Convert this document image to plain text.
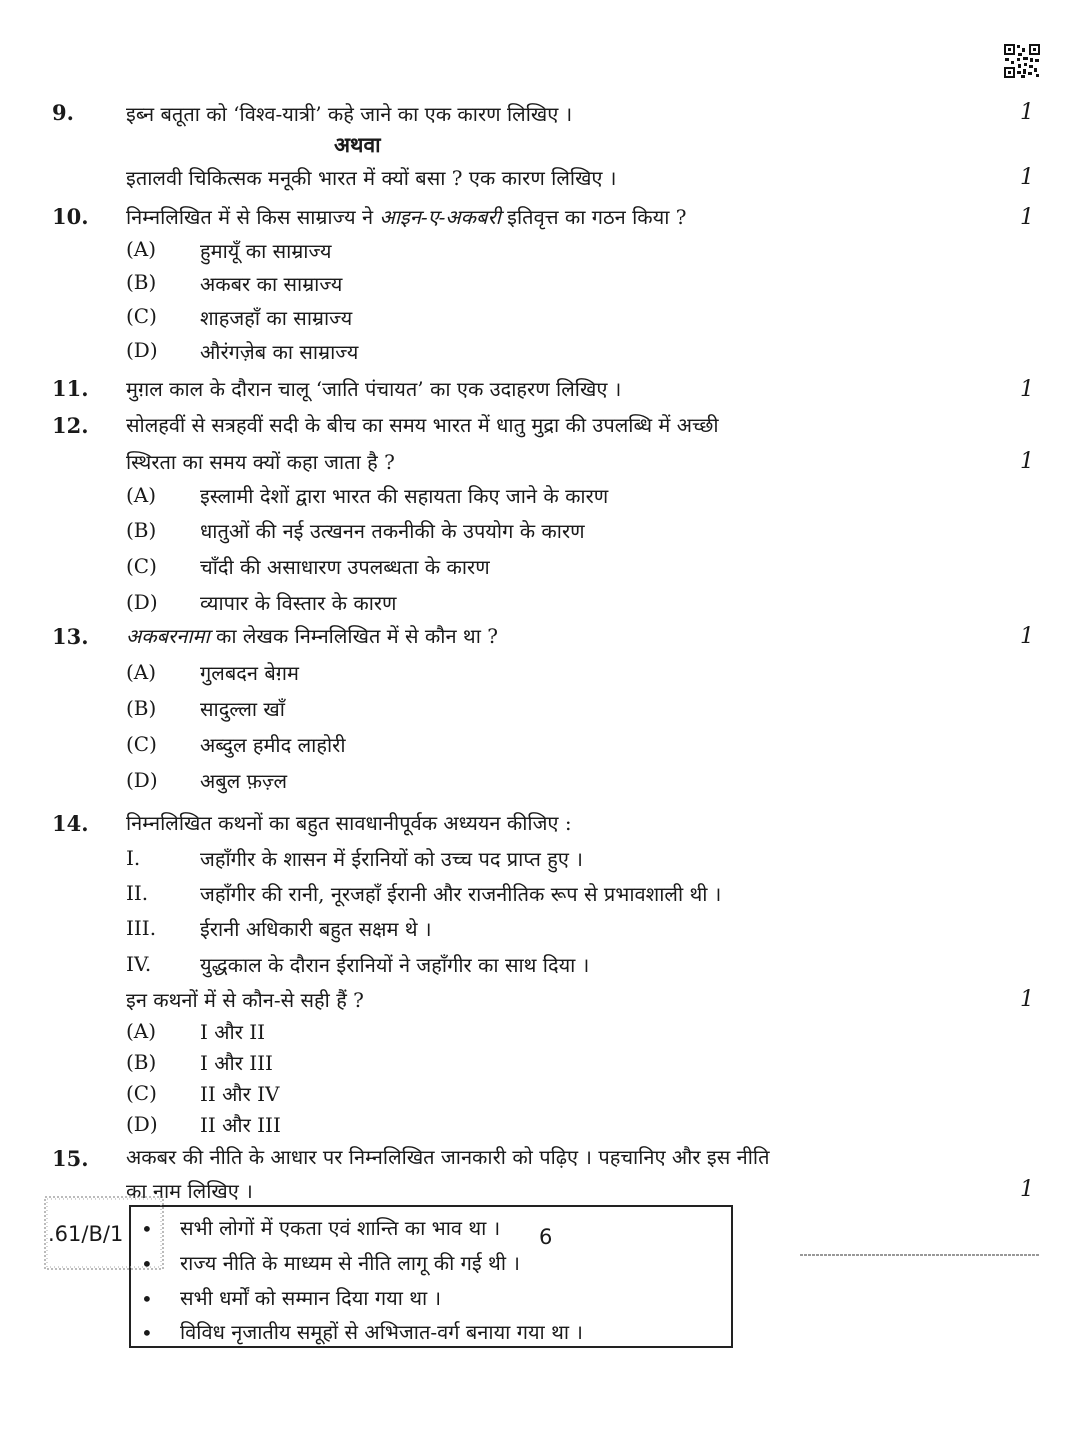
9.	इब्न बतूता को ‘विश्व-यात्री’ कहे जाने का एक कारण लिखिए ।	1
अथवा
इतालवी चिकित्सक मनूकी भारत में क्यों बसा ? एक कारण लिखिए ।	1
10. निम्नलिखित में से किस साम्राज्य ने आइन-ए-अकबरी इतिवृत्त का गठन किया ?	1
(A) हुमायूँ का साम्राज्य
(B) अकबर का साम्राज्य
(C) शाहजहाँ का साम्राज्य
(D) औरंगज़ेब का साम्राज्य
11. मुग़ल काल के दौरान चालू ‘जाति पंचायत’ का एक उदाहरण लिखिए ।	1
12. सोलहवीं से सत्रहवीं सदी के बीच का समय भारत में धातु मुद्रा की उपलब्धि में अच्छी
स्थिरता का समय क्यों कहा जाता है ?	1
(A) इस्लामी देशों द्वारा भारत की सहायता किए जाने के कारण
(B) धातुओं की नई उत्खनन तकनीकी के उपयोग के कारण
(C) चाँदी की असाधारण उपलब्धता के कारण
(D) व्यापार के विस्तार के कारण
13. अकबरनामा का लेखक निम्नलिखित में से कौन था ?	1
(A) गुलबदन बेग़म
(B) सादुल्ला खाँ
(C) अब्दुल हमीद लाहोरी
(D) अबुल फ़ज़्ल
14. निम्नलिखित कथनों का बहुत सावधानीपूर्वक अध्ययन कीजिए :
I.	जहाँगीर के शासन में ईरानियों को उच्च पद प्राप्त हुए ।
II.	जहाँगीर की रानी, नूरजहाँ ईरानी और राजनीतिक रूप से प्रभावशाली थी ।
III. ईरानी अधिकारी बहुत सक्षम थे ।
IV. युद्धकाल के दौरान ईरानियों ने जहाँगीर का साथ दिया ।
इन कथनों में से कौन-से सही हैं ?	1
(A) I और II
(B) I और III
(C) II और IV
(D) II और III
15. अकबर की नीति के आधार पर निम्नलिखित जानकारी को पढ़िए । पहचानिए और इस नीति
का नाम लिखिए ।	1
• सभी लोगों में एकता एवं शान्ति का भाव था ।
• राज्य नीति के माध्यम से नीति लागू की गई थी ।
• सभी धर्मों को सम्मान दिया गया था ।
• विविध नृजातीय समूहों से अभिजात-वर्ग बनाया गया था ।
.61/B/1	6
